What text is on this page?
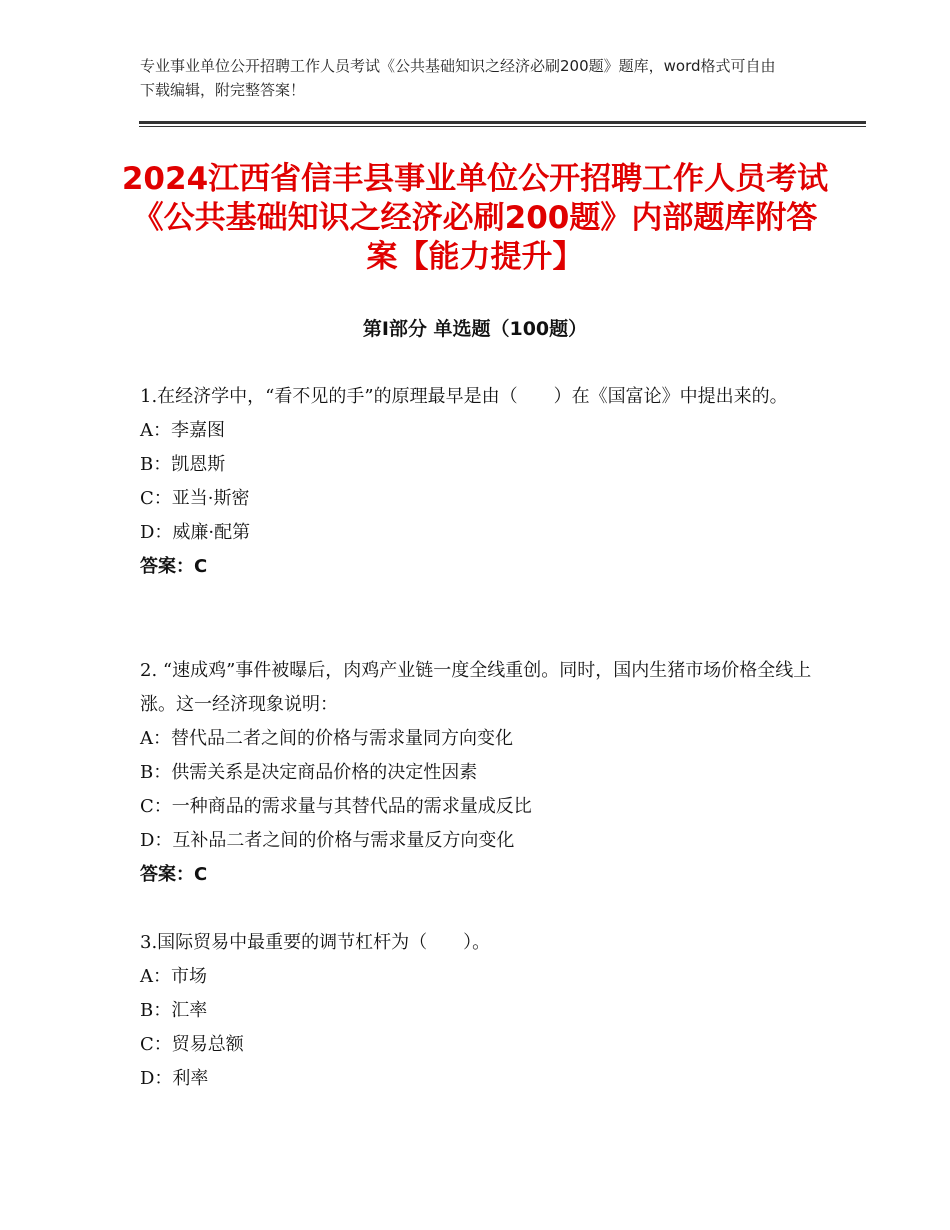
专业事业单位公开招聘工作人员考试《公共基础知识之经济必刷200题》题库，word格式可自由下载编辑，附完整答案！
2024江西省信丰县事业单位公开招聘工作人员考试《公共基础知识之经济必刷200题》内部题库附答案【能力提升】
第Ⅰ部分 单选题（100题）

1.在经济学中，“看不见的手”的原理最早是由（　　）在《国富论》中提出来的。

A：李嘉图

B：凯恩斯

C：亚当·斯密

D：威廉·配第

答案：C

2. “速成鸡”事件被曝后，肉鸡产业链一度全线重创。同时，国内生猪市场价格全线上涨。这一经济现象说明：

A：替代品二者之间的价格与需求量同方向变化

B：供需关系是决定商品价格的决定性因素

C：一种商品的需求量与其替代品的需求量成反比

D：互补品二者之间的价格与需求量反方向变化

答案：C

3.国际贸易中最重要的调节杠杆为（　　）。

A：市场

B：汇率

C：贸易总额

D：利率
